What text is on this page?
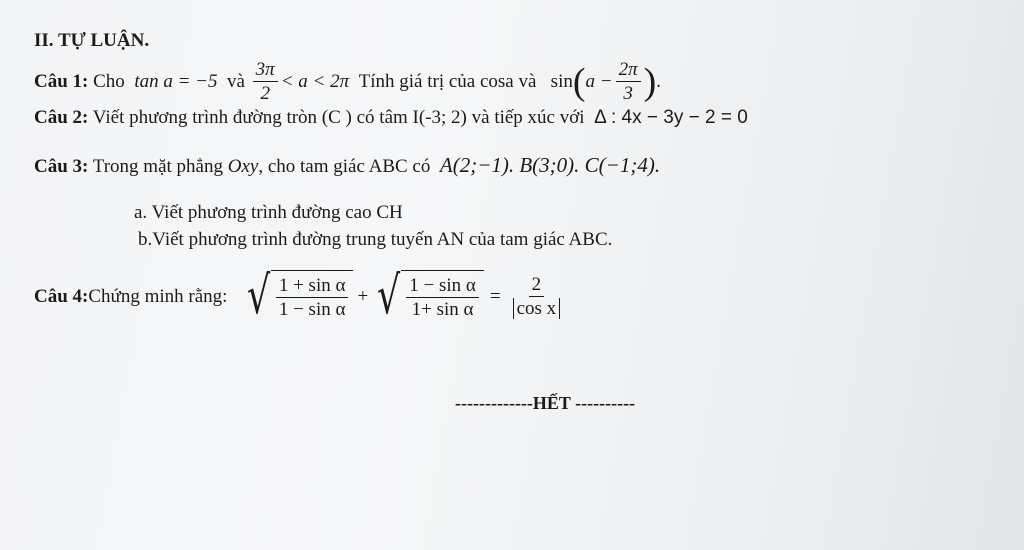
II. TỰ LUẬN.
Câu 1:
Cho
tan a = −5
và
$\frac{3\pi}{2} < a < 2\pi$
Tính giá trị của cosa và
sin ( $a - \frac{2\pi}{3}$ ) .
Câu 2: Viết phương trình đường tròn (C ) có tâm I(-3; 2) và tiếp xúc với Δ : 4x − 3y − 2 = 0
Câu 3: Trong mặt phẳng Oxy, cho tam giác ABC có A(2;−1). B(3;0). C(−1;4).
a. Viết phương trình đường cao CH
b.Viết phương trình đường trung tuyến AN của tam giác ABC.
Câu 4: Chứng minh rằng:
√ $\frac{\text{1 + sin α}}{\text{1 − sin α}}$ + √ $\frac{\text{1 − sin α}}{\text{1+ sin α}} = \frac{2}{\text{cos x}}$
-------------HẾT ----------
